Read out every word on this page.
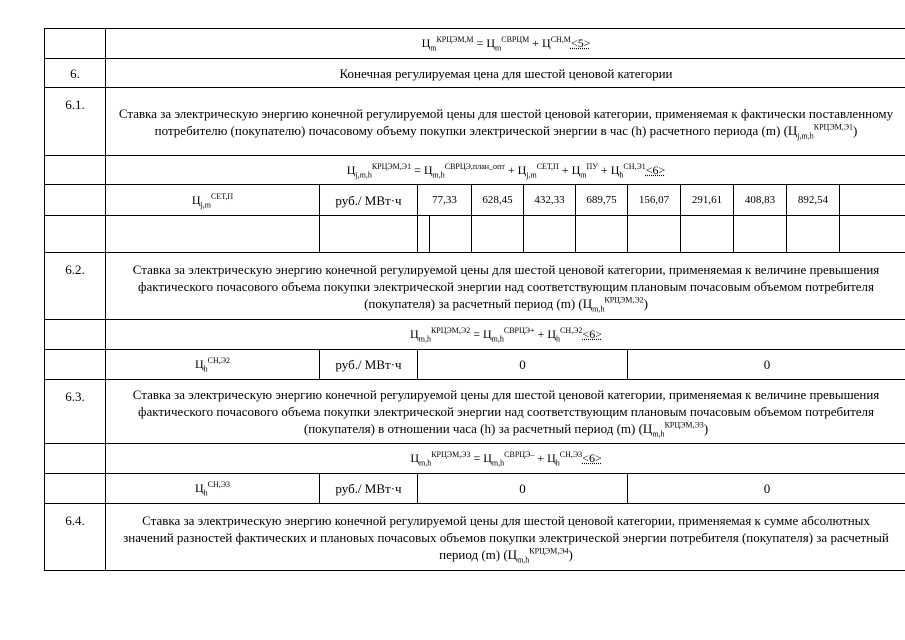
	$Ц_m^{КРЦЭМ,М} = Ц_m^{СВРЦМ} + Ц^{СН,М}<5>$											
6.	Конечная регулируемая цена для шестой ценовой категории											
6.1.	Ставка за электрическую энергию конечной регулируемой цены для шестой ценовой категории, применяемая к фактически поставленному потребителю (покупателю) почасовому объему покупки электрической энергии в час (h) расчетного периода (m) $(Ц_{j,m,h}^{КРЦЭМ,Э1})$											
	$Ц_{j,m,h}^{КРЦЭМ,Э1} = Ц_{m,h}^{СВРЦЭ,план\_опт} + Ц_{j,m}^{СЕТ,П} + Ц_m^{ПУ} + Ц_h^{СН,Э1}<6>$											
	$Ц_{j,m}^{СЕТ,П}$	руб./ МВт·ч	77,33		628,45	432,33	689,75	156,07	291,61	408,83	892,54	

6.2.	Ставка за электрическую энергию конечной регулируемой цены для шестой ценовой категории, применяемая к величине превышения фактического почасового объема покупки электрической энергии над соответствующим плановым почасовым объемом потребителя (покупателя) за расчетный период (m) $(Ц_{m,h}^{КРЦЭМ,Э2})$											
	$Ц_{m,h}^{КРЦЭМ,Э2} = Ц_{m,h}^{СВРЦЭ+} + Ц_h^{СН,Э2}<6>$											
	$Ц_h^{СН,Э2}$	руб./ МВт·ч	0					0				
6.3.	Ставка за электрическую энергию конечной регулируемой цены для шестой ценовой категории, применяемая к величине превышения фактического почасового объема покупки электрической энергии над соответствующим плановым почасовым объемом потребителя (покупателя) в отношении часа (h) за расчетный период (m) $(Ц_{m,h}^{КРЦЭМ,Э3})$											
	$Ц_{m,h}^{КРЦЭМ,Э3} = Ц_{m,h}^{СВРЦЭ-} + Ц_h^{СН,Э3}<6>$											
	$Ц_h^{СН,Э3}$	руб./ МВт·ч	0					0				
6.4.	Ставка за электрическую энергию конечной регулируемой цены для шестой ценовой категории, применяемая к сумме абсолютных значений разностей фактических и плановых почасовых объемов покупки электрической энергии потребителя (покупателя) за расчетный период (m) $(Ц_{m,h}^{КРЦЭМ,Э4})$											
